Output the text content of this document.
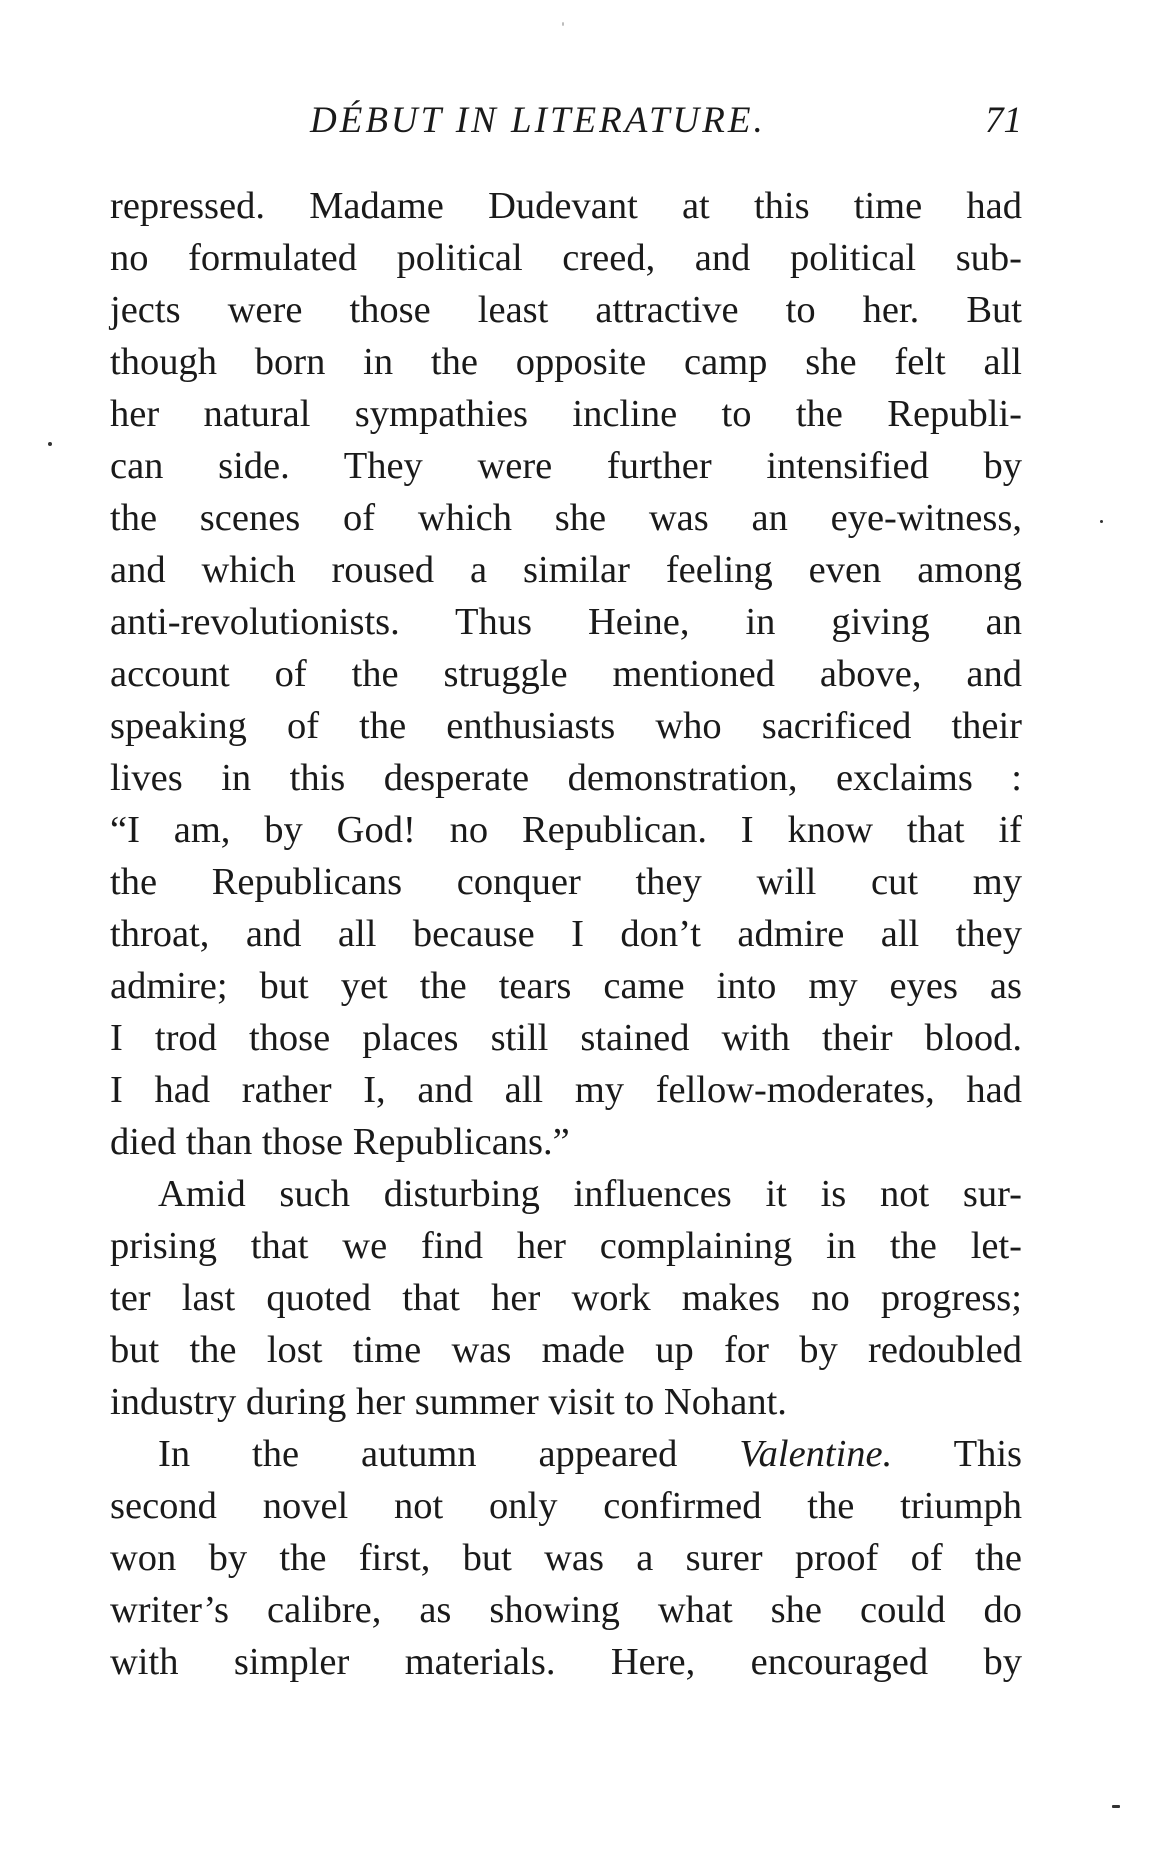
DÉBUT IN LITERATURE.	71
repressed. Madame Dudevant at this time had
no formulated political creed, and political sub-
jects were those least attractive to her. But
though born in the opposite camp she felt all
her natural sympathies incline to the Republi-
can side. They were further intensified by
the scenes of which she was an eye-witness,
and which roused a similar feeling even among
anti-revolutionists. Thus Heine, in giving an
account of the struggle mentioned above, and
speaking of the enthusiasts who sacrificed their
lives in this desperate demonstration, exclaims :
“I am, by God! no Republican. I know that if
the Republicans conquer they will cut my
throat, and all because I don’t admire all they
admire; but yet the tears came into my eyes as
I trod those places still stained with their blood.
I had rather I, and all my fellow-moderates, had
died than those Republicans.”
Amid such disturbing influences it is not sur-
prising that we find her complaining in the let-
ter last quoted that her work makes no progress;
but the lost time was made up for by redoubled
industry during her summer visit to Nohant.
In the autumn appeared Valentine. This
second novel not only confirmed the triumph
won by the first, but was a surer proof of the
writer’s calibre, as showing what she could do
with simpler materials. Here, encouraged by
